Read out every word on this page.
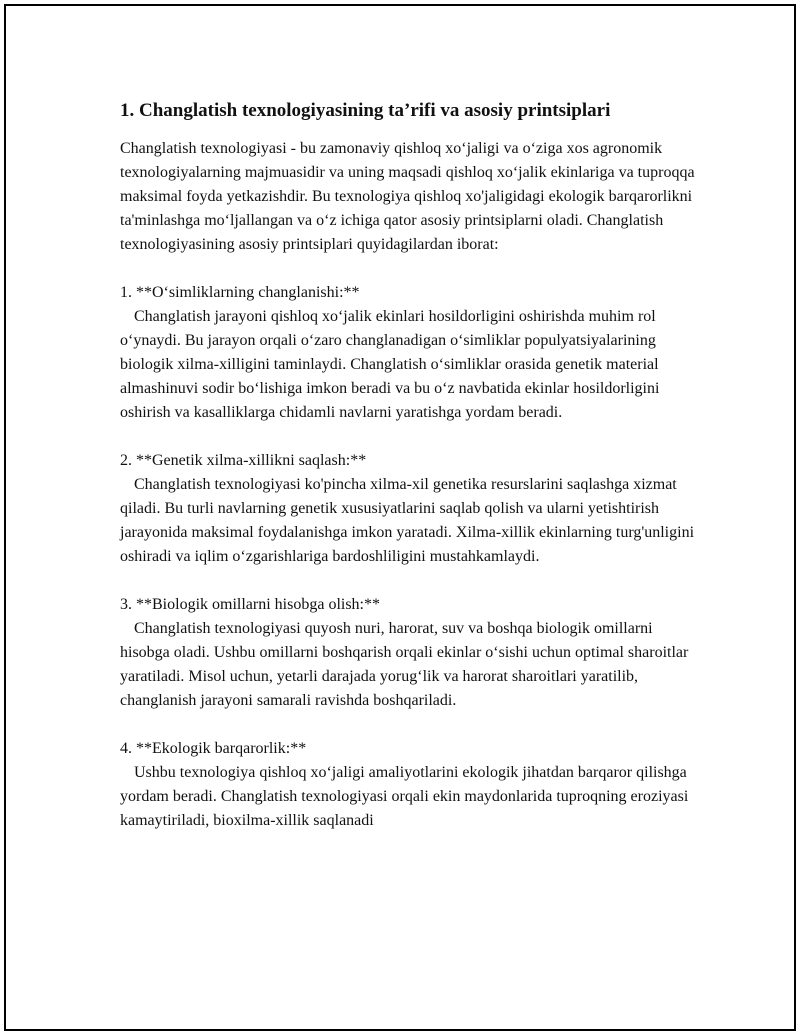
1. Changlatish texnologiyasining ta’rifi va asosiy printsiplari

Changlatish texnologiyasi - bu zamonaviy qishloq xo‘jaligi va o‘ziga xos agronomik texnologiyalarning majmuasidir va uning maqsadi qishloq xo‘jalik ekinlariga va tuproqqa maksimal foyda yetkazishdir. Bu texnologiya qishloq xo'jaligidagi ekologik barqarorlikni ta'minlashga mo‘ljallangan va o‘z ichiga qator asosiy printsiplarni oladi. Changlatish texnologiyasining asosiy printsiplari quyidagilardan iborat:

1. **O‘simliklarning changlanishi:**

Changlatish jarayoni qishloq xo‘jalik ekinlari hosildorligini oshirishda muhim rol o‘ynaydi. Bu jarayon orqali o‘zaro changlanadigan o‘simliklar populyatsiyalarining biologik xilma-xilligini taminlaydi. Changlatish o‘simliklar orasida genetik material almashinuvi sodir bo‘lishiga imkon beradi va bu o‘z navbatida ekinlar hosildorligini oshirish va kasalliklarga chidamli navlarni yaratishga yordam beradi.

2. **Genetik xilma-xillikni saqlash:**

Changlatish texnologiyasi ko'pincha xilma-xil genetika resurslarini saqlashga xizmat qiladi. Bu turli navlarning genetik xususiyatlarini saqlab qolish va ularni yetishtirish jarayonida maksimal foydalanishga imkon yaratadi. Xilma-xillik ekinlarning turg'unligini oshiradi va iqlim o‘zgarishlariga bardoshliligini mustahkamlaydi.

3. **Biologik omillarni hisobga olish:**

Changlatish texnologiyasi quyosh nuri, harorat, suv va boshqa biologik omillarni hisobga oladi. Ushbu omillarni boshqarish orqali ekinlar o‘sishi uchun optimal sharoitlar yaratiladi. Misol uchun, yetarli darajada yorug‘lik va harorat sharoitlari yaratilib, changlanish jarayoni samarali ravishda boshqariladi.

4. **Ekologik barqarorlik:**

Ushbu texnologiya qishloq xo‘jaligi amaliyotlarini ekologik jihatdan barqaror qilishga yordam beradi. Changlatish texnologiyasi orqali ekin maydonlarida tuproqning eroziyasi kamaytiriladi, bioxilma-xillik saqlanadi
